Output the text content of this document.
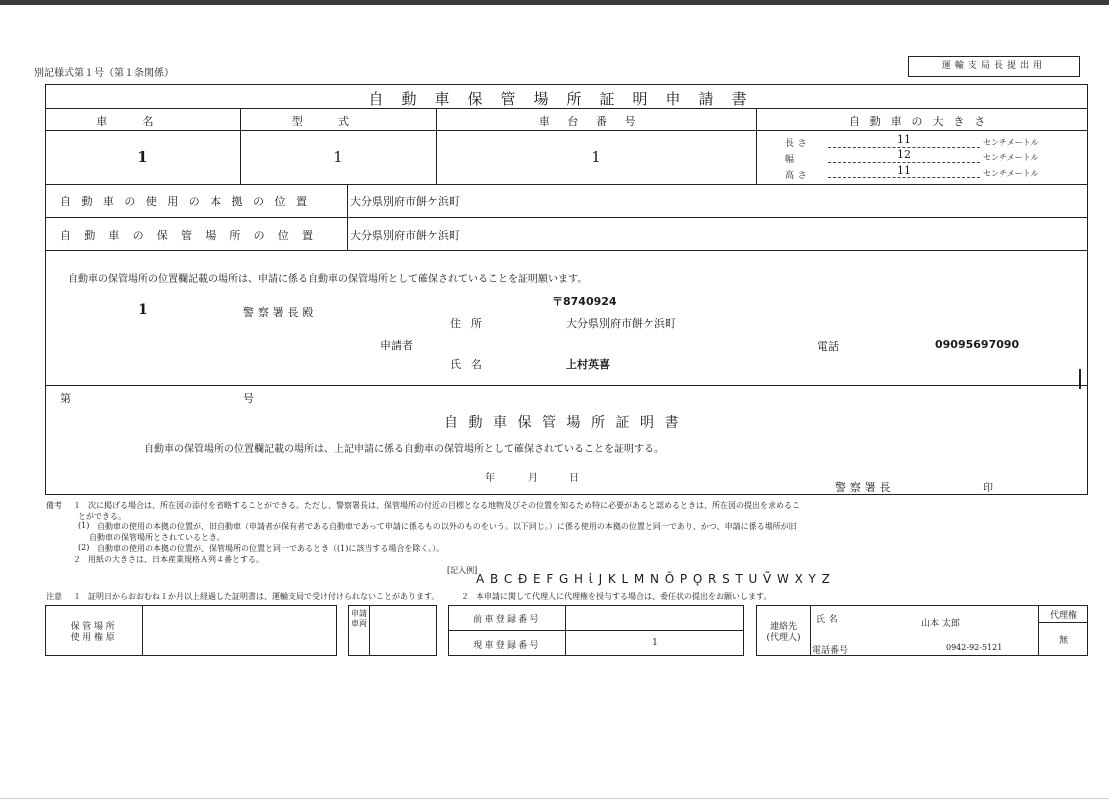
別記様式第１号（第１条関係）
運輸支局長提出用
自動車保管場所証明申請書
車名	型式	車台番号	自動車の大きさ
1	1	1
長さ	11	センチメートル
幅	12	センチメートル
高さ	11	センチメートル
自動車の使用の本拠の位置	大分県別府市餅ケ浜町
自動車の保管場所の位置 大分県別府市餅ケ浜町
自動車の保管場所の位置欄記載の場所は、申請に係る自動車の保管場所として確保されていることを証明願います。
1	警察署長殿
〒8740924
住所	大分県別府市餅ケ浜町
申請者	電話	09095697090
氏名	上村英喜
第	号
自動車保管場所証明書
自動車の保管場所の位置欄記載の場所は、上記申請に係る自動車の保管場所として確保されていることを証明する。
年	月	日
警察署長	印
備考 １ 次に掲げる場合は、所在図の添付を省略することができる。ただし、警察署長は、保管場所の付近の目標となる地物及びその位置を知るため特に必要があると認めるときは、所在図の提出を求めるこ
とができる。
(1) 自動車の使用の本拠の位置が、旧自動車（申請者が保有者である自動車であって申請に係るもの以外のものをいう。以下同じ。）に係る使用の本拠の位置と同一であり、かつ、申請に係る場所が旧
自動車の保管場所とされているとき。
(2) 自動車の使用の本拠の位置が、保管場所の位置と同一であるとき（(1)に該当する場合を除く。）。
２ 用紙の大きさは、日本産業規格Ａ列４番とする。
[記入例]
A B C Đ E F G H ἰ J K L M N Ō P Ǫ R S T U Ṽ W X Y Z
注意 １ 証明日からおおむね１か月以上経過した証明書は、運輸支局で受け付けられないことがあります。	２ 本申請に関して代理人に代理権を授与する場合は、委任状の提出をお願いします。
保管場所
使用権原
申請車両	前車登録番号
現車登録番号	1
連絡先
(代理人)
氏名	山本 太郎
電話番号	0942-92-5121
代理権
無
